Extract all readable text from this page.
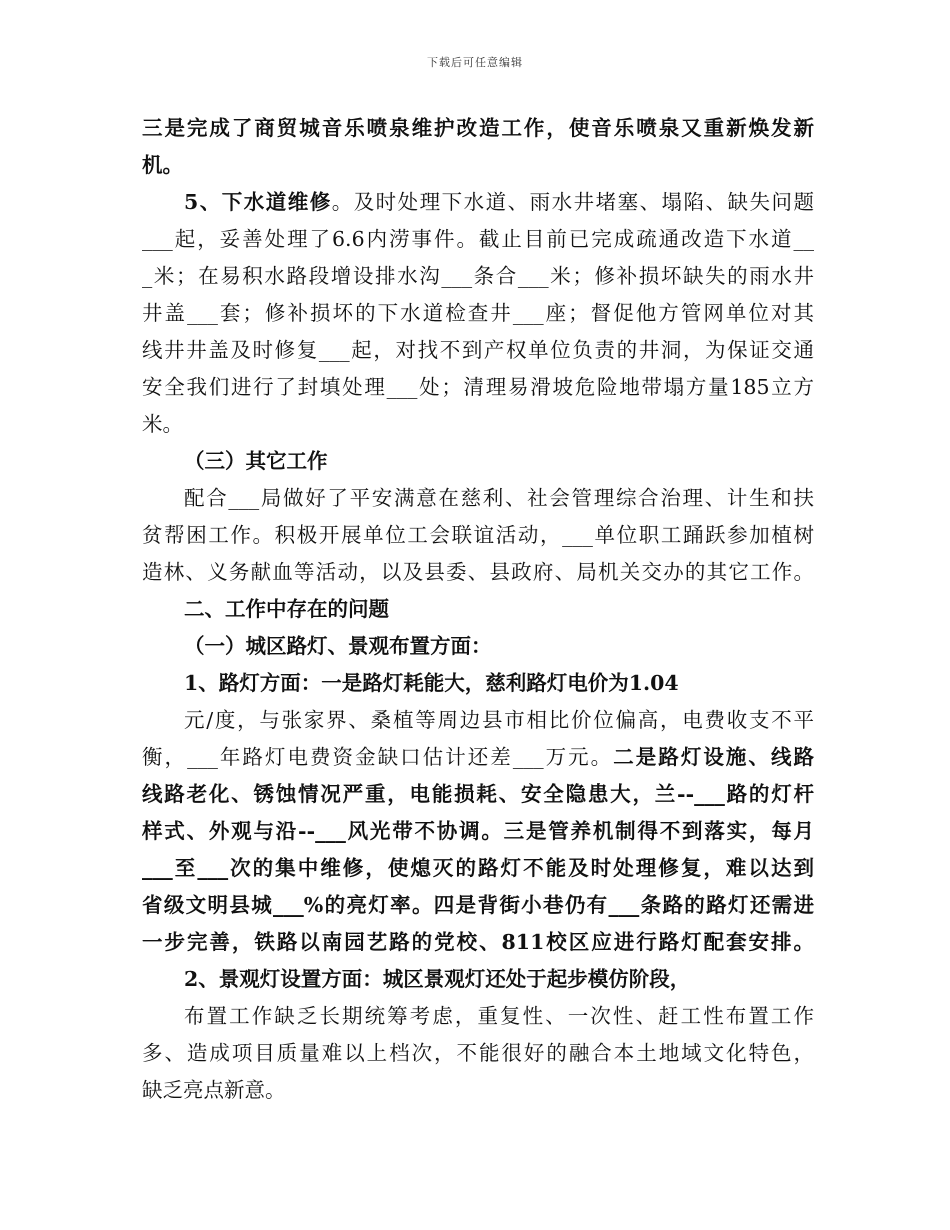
下载后可任意编辑
三是完成了商贸城音乐喷泉维护改造工作，使音乐喷泉又重新焕发新
机。
5、下水道维修。及时处理下水道、雨水井堵塞、塌陷、缺失问题
___起，妥善处理了6.6内涝事件。截止目前已完成疏通改造下水道__
_米；在易积水路段增设排水沟___条合___米；修补损坏缺失的雨水井
井盖___套；修补损坏的下水道检查井___座；督促他方管网单位对其
线井井盖及时修复___起，对找不到产权单位负责的井洞，为保证交通
安全我们进行了封填处理___处；清理易滑坡危险地带塌方量185立方
米。
（三）其它工作
配合___局做好了平安满意在慈利、社会管理综合治理、计生和扶
贫帮困工作。积极开展单位工会联谊活动，___单位职工踊跃参加植树
造林、义务献血等活动，以及县委、县政府、局机关交办的其它工作。
二、工作中存在的问题
（一）城区路灯、景观布置方面：
1、路灯方面：一是路灯耗能大，慈利路灯电价为1.04
元/度，与张家界、桑植等周边县市相比价位偏高，电费收支不平
衡，___年路灯电费资金缺口估计还差___万元。二是路灯设施、线路
线路老化、锈蚀情况严重，电能损耗、安全隐患大，兰--___路的灯杆
样式、外观与沿--___风光带不协调。三是管养机制得不到落实，每月
___至___次的集中维修，使熄灭的路灯不能及时处理修复，难以达到
省级文明县城___%的亮灯率。四是背街小巷仍有___条路的路灯还需进
一步完善，铁路以南园艺路的党校、811校区应进行路灯配套安排。
2、景观灯设置方面：城区景观灯还处于起步模仿阶段，
布置工作缺乏长期统筹考虑，重复性、一次性、赶工性布置工作
多、造成项目质量难以上档次，不能很好的融合本土地域文化特色，
缺乏亮点新意。
